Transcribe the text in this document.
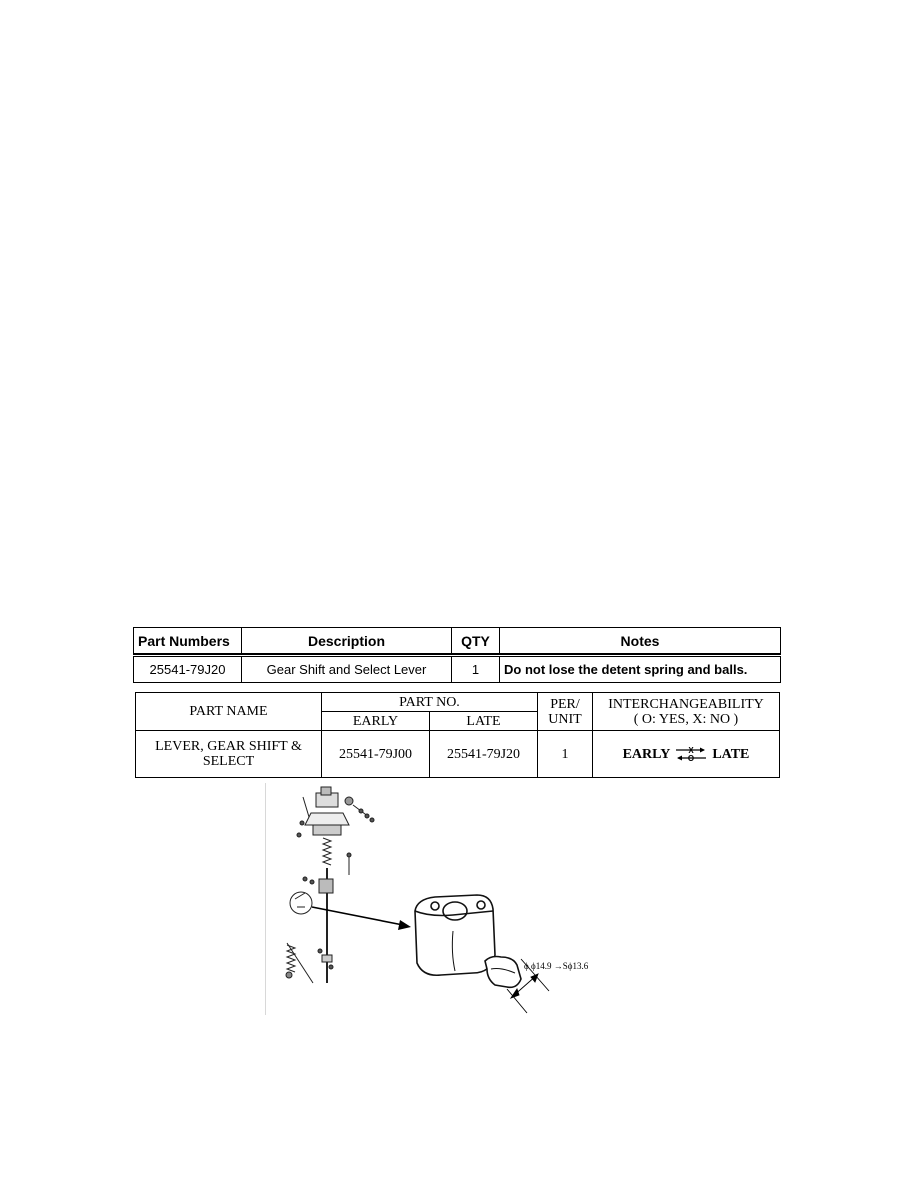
Part Numbers	Description	QTY	Notes

25541-79J20	Gear Shift and Select Lever	1	Do not lose the detent spring and balls.
PART NAME	PART NO.		PER/ UNIT	INTERCHANGEABILITY
( O: YES, X: NO )

	EARLY	LATE		
LEVER, GEAR SHIFT & SELECT	25541-79J00	25541-79J20	1	EARLY X
O LATE
ϕ ϕ14.9 →Sϕ13.6
